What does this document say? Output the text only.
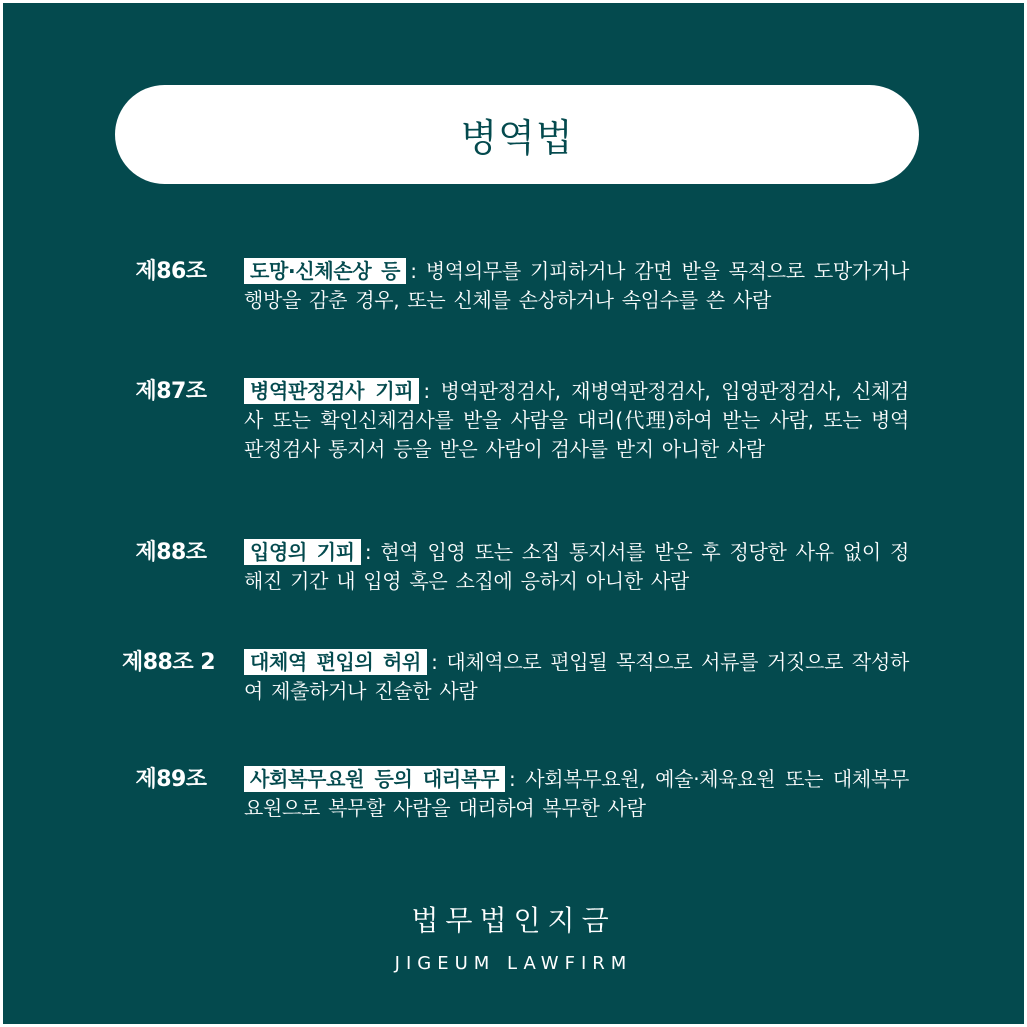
병역법
제86조	도망·신체손상 등 : 병역의무를 기피하거나 감면 받을 목적으로 도망가거나 행방을 감춘 경우, 또는 신체를 손상하거나 속임수를 쓴 사람
제87조	병역판정검사 기피 : 병역판정검사, 재병역판정검사, 입영판정검사, 신체검사 또는 확인신체검사를 받을 사람을 대리(代理)하여 받는 사람, 또는 병역판정검사 통지서 등을 받은 사람이 검사를 받지 아니한 사람
제88조	입영의 기피 : 현역 입영 또는 소집 통지서를 받은 후 정당한 사유 없이 정해진 기간 내 입영 혹은 소집에 응하지 아니한 사람
제88조 2	대체역 편입의 허위 : 대체역으로 편입될 목적으로 서류를 거짓으로 작성하여 제출하거나 진술한 사람
제89조	사회복무요원 등의 대리복무 : 사회복무요원, 예술·체육요원 또는 대체복무요원으로 복무할 사람을 대리하여 복무한 사람
법무법인지금
JIGEUM LAWFIRM
